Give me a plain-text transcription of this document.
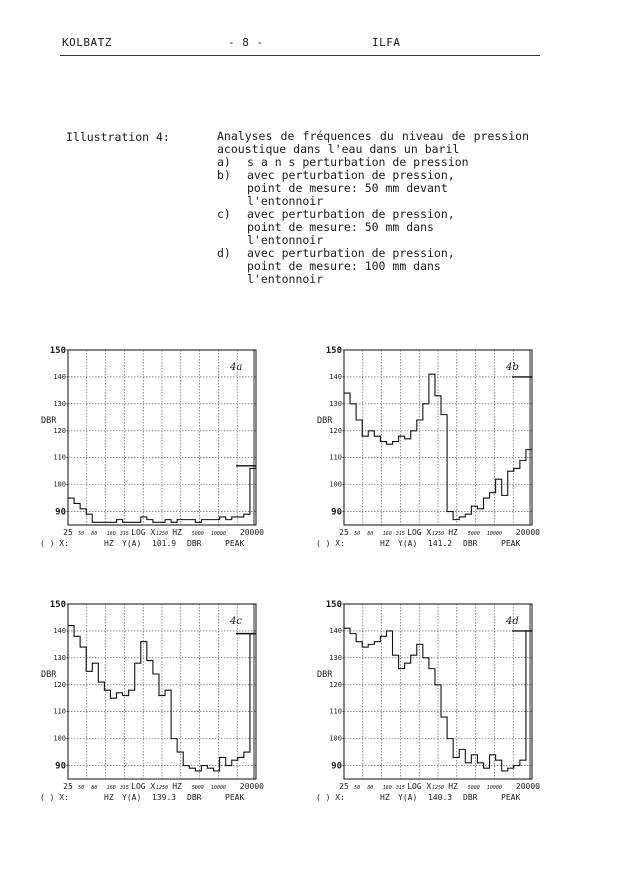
KOLBATZ	- 8 -	ILFA
Illustration 4:	Analyses de fréquences du niveau de pression acoustique dans l'eau dans un baril
a)	s a n s perturbation de pression
b)	avec perturbation de pression,
point de mesure: 50 mm devant
l'entonnoir
c)	avec perturbation de pression,
point de mesure: 50 mm dans
l'entonnoir
d)	avec perturbation de pression,
point de mesure: 100 mm dans
l'entonnoir
150
140
130
120
110
100
90
DBR
25 50 80 160 315 LOG X 1250 HZ 5000 10000 20000
4a
( ) X:	HZ Y(A) 101.9 DBR	PEAK
150
140
130
120
110
100
90
DBR
25 50 80 160 315 LOG X 1250 HZ 5000 10000 20000
4b
( ) X:	HZ Y(A) 141.2 DBR	PEAK
150
140
130
120
110
100
90
DBR
25 50 80 160 315 LOG X 1250 HZ 5000 10000 20000
4c
( ) X:	HZ Y(A) 139.3 DBR	PEAK
150
140
130
120
110
100
90
DBR
25 50 80 160 315 LOG X 1250 HZ 5000 10000 20000
4d
( ) X:	HZ Y(A) 140.3 DBR	PEAK
